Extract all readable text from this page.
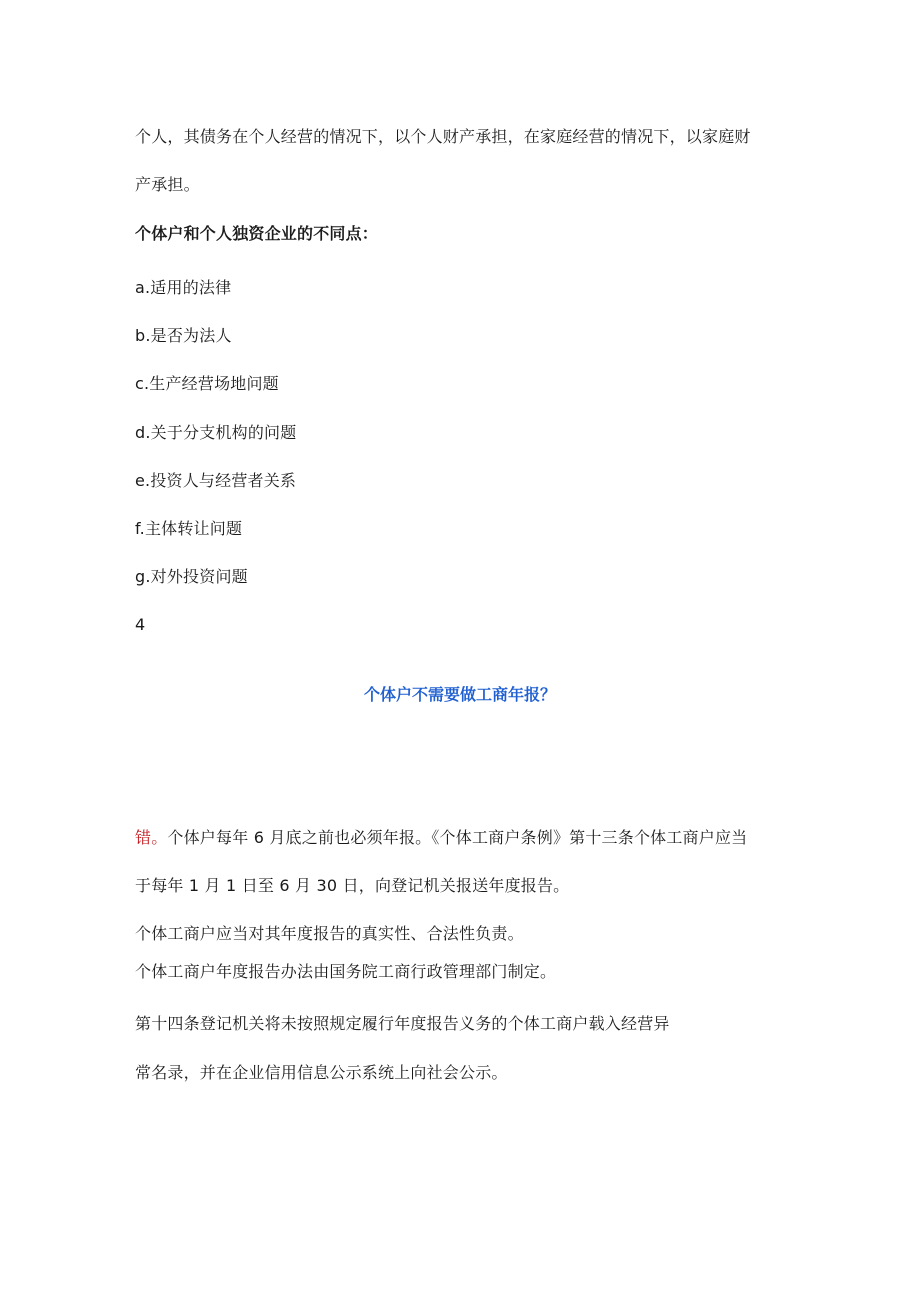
个人，其债务在个人经营的情况下，以个人财产承担，在家庭经营的情况下，以家庭财
产承担。
个体户和个人独资企业的不同点：
a.适用的法律
b.是否为法人
c.生产经营场地问题
d.关于分支机构的问题
e.投资人与经营者关系
f.主体转让问题
g.对外投资问题
4
个体户不需要做工商年报？
错。个体户每年 6 月底之前也必须年报。《个体工商户条例》第十三条个体工商户应当
于每年 1 月 1 日至 6 月 30 日，向登记机关报送年度报告。
个体工商户应当对其年度报告的真实性、合法性负责。
个体工商户年度报告办法由国务院工商行政管理部门制定。
第十四条登记机关将未按照规定履行年度报告义务的个体工商户载入经营异
常名录，并在企业信用信息公示系统上向社会公示。
